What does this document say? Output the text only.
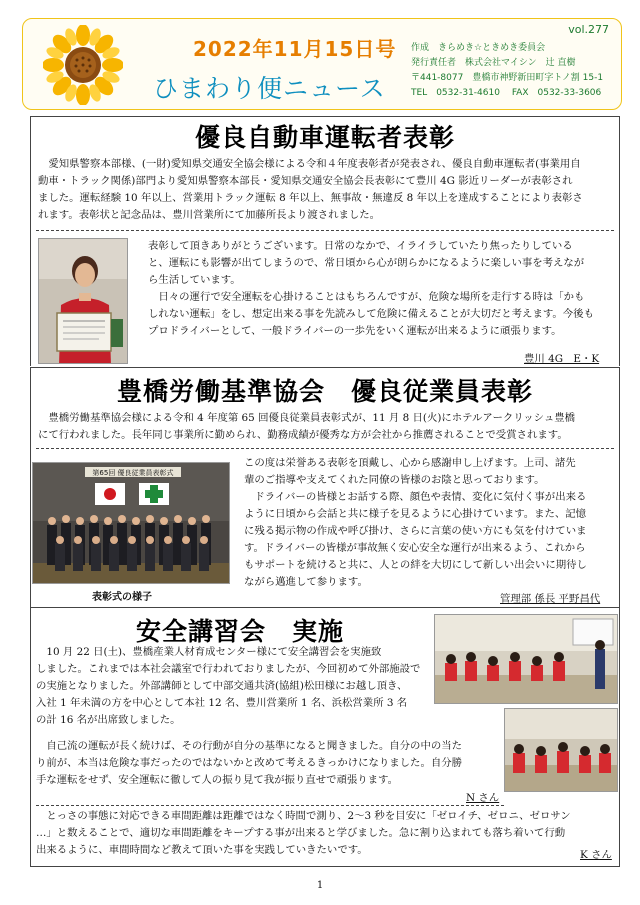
vol.277
2022年11月15日号
ひまわり便ニュース
作成　きらめき☆ときめき委員会
発行責任者　株式会社マイシン　辻 直樹
〒441-8077　豊橋市神野新田町字トノ割 15-1
TEL　0532-31-4610　 FAX　0532-33-3606
優良自動車運転者表彰
　愛知県警察本部様、(一財)愛知県交通安全協会様による令和４年度表彰者が発表され、優良自動車運転者(事業用自
動車・トラック関係)部門より愛知県警察本部長・愛知県交通安全協会長表彰にて豊川 4G 影近リーダーが表彰され
ました。運転経験 10 年以上、営業用トラック運転 8 年以上、無事故・無違反 8 年以上を達成することにより表彰さ
れます。表彰状と記念品は、豊川営業所にて加藤所長より渡されました。
表彰して頂きありがとうございます。日常のなかで、イライラしていたり焦ったりしている
と、運転にも影響が出てしまうので、常日頃から心が朗らかになるように楽しい事を考えなが
ら生活しています。
　日々の運行で安全運転を心掛けることはもちろんですが、危険な場所を走行する時は「かも
しれない運転」をし、想定出来る事を先読みして危険に備えることが大切だと考えます。今後も
プロドライバーとして、一般ドライバーの一歩先をいく運転が出来るように頑張ります。
豊川 4G　E・K
豊橋労働基準協会　優良従業員表彰
　豊橋労働基準協会様による令和 4 年度第 65 回優良従業員表彰式が、11 月 8 日(火)にホテルアークリッシュ豊橋
にて行われました。長年同じ事業所に勤められ、勤務成績が優秀な方が会社から推薦されることで受賞されます。
第65回 優良従業員表彰式
表彰式の様子
この度は栄誉ある表彰を頂戴し、心から感謝申し上げます。上司、諸先
輩のご指導や支えてくれた同僚の皆様のお陰と思っております。
　ドライバーの皆様とお話する際、顔色や表情、変化に気付く事が出来る
ように日頃から会話と共に様子を見るように心掛けています。また、記憶
に残る掲示物の作成や呼び掛け、さらに言葉の使い方にも気を付けていま
す。ドライバーの皆様が事故無く安心安全な運行が出来るよう、これから
もサポートを続けると共に、人との絆を大切にして新しい出会いに期待し
ながら邁進して参ります。
管理部 係長 平野昌代
安全講習会　実施
　10 月 22 日(土)、豊橋産業人材育成センター様にて安全講習会を実施致
しました。これまでは本社会議室で行われておりましたが、今回初めて外部施設で
の実施となりました。外部講師として中部交通共済(協組)松田様にお越し頂き、
入社 1 年未満の方を中心として本社 12 名、豊川営業所 1 名、浜松営業所 3 名
の計 16 名が出席致しました。
　自己流の運転が長く続けば、その行動が自分の基準になると聞きました。自分の中の当た
り前が、本当は危険な事だったのではないかと改めて考えるきっかけになりました。自分勝
手な運転をせず、安全運転に徹して人の振り見て我が振り直せで頑張ります。
N さん
　とっさの事態に対応できる車間距離は距離ではなく時間で測り、2～3 秒を目安に「ゼロイチ、ゼロニ、ゼロサン
…」と数えることで、適切な車間距離をキープする事が出来ると学びました。急に割り込まれても落ち着いて行動
出来るように、車間時間など教えて頂いた事を実践していきたいです。	K さん
1
